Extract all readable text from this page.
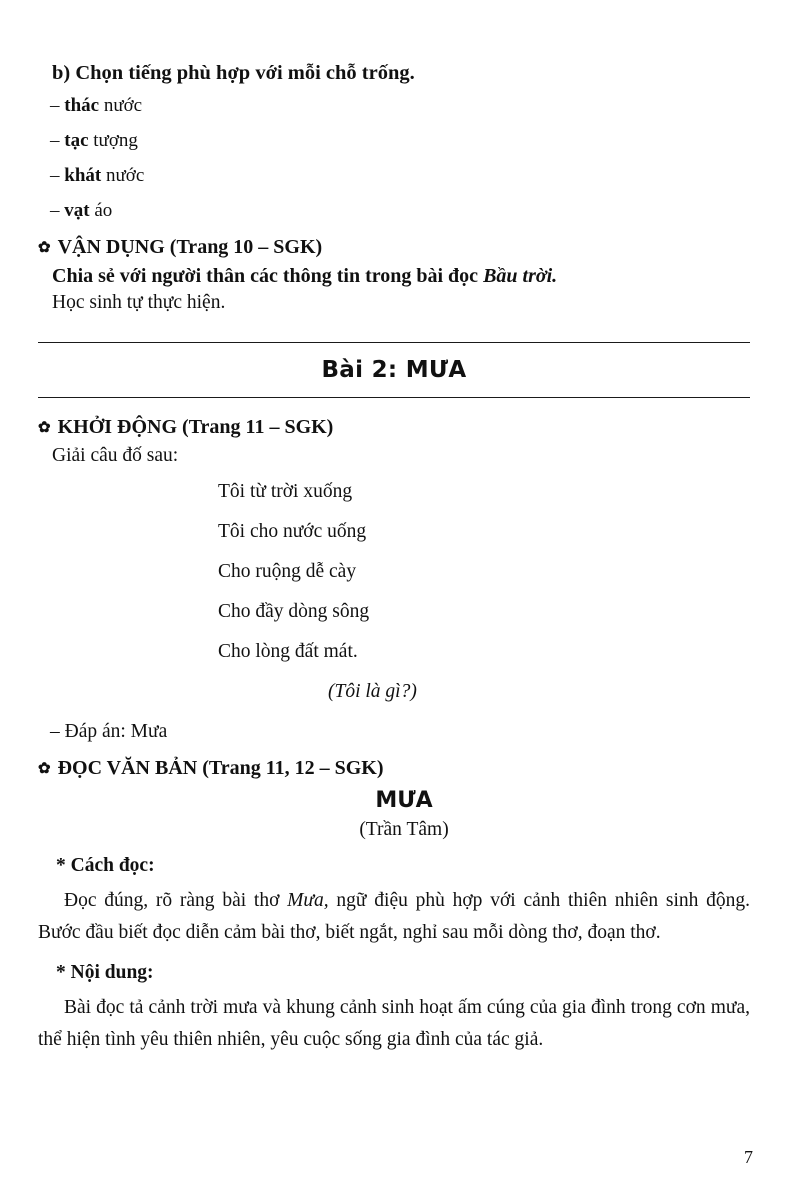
b) Chọn tiếng phù hợp với mỗi chỗ trống.
– thác nước
– tạc tượng
– khát nước
– vạt áo
✿ VẬN DỤNG (Trang 10 – SGK)
Chia sẻ với người thân các thông tin trong bài đọc Bầu trời.
Học sinh tự thực hiện.
Bài 2: MƯA
✿ KHỞI ĐỘNG (Trang 11 – SGK)
Giải câu đố sau:

Tôi từ trời xuống

Tôi cho nước uống

Cho ruộng dễ cày

Cho đầy dòng sông

Cho lòng đất mát.

(Tôi là gì?)

– Đáp án: Mưa
✿ ĐỌC VĂN BẢN (Trang 11, 12 – SGK)
MƯA
(Trần Tâm)
* Cách đọc:

Đọc đúng, rõ ràng bài thơ Mưa, ngữ điệu phù hợp với cảnh thiên nhiên sinh động. Bước đầu biết đọc diễn cảm bài thơ, biết ngắt, nghỉ sau mỗi dòng thơ, đoạn thơ.

* Nội dung:

Bài đọc tả cảnh trời mưa và khung cảnh sinh hoạt ấm cúng của gia đình trong cơn mưa, thể hiện tình yêu thiên nhiên, yêu cuộc sống gia đình của tác giả.

7
